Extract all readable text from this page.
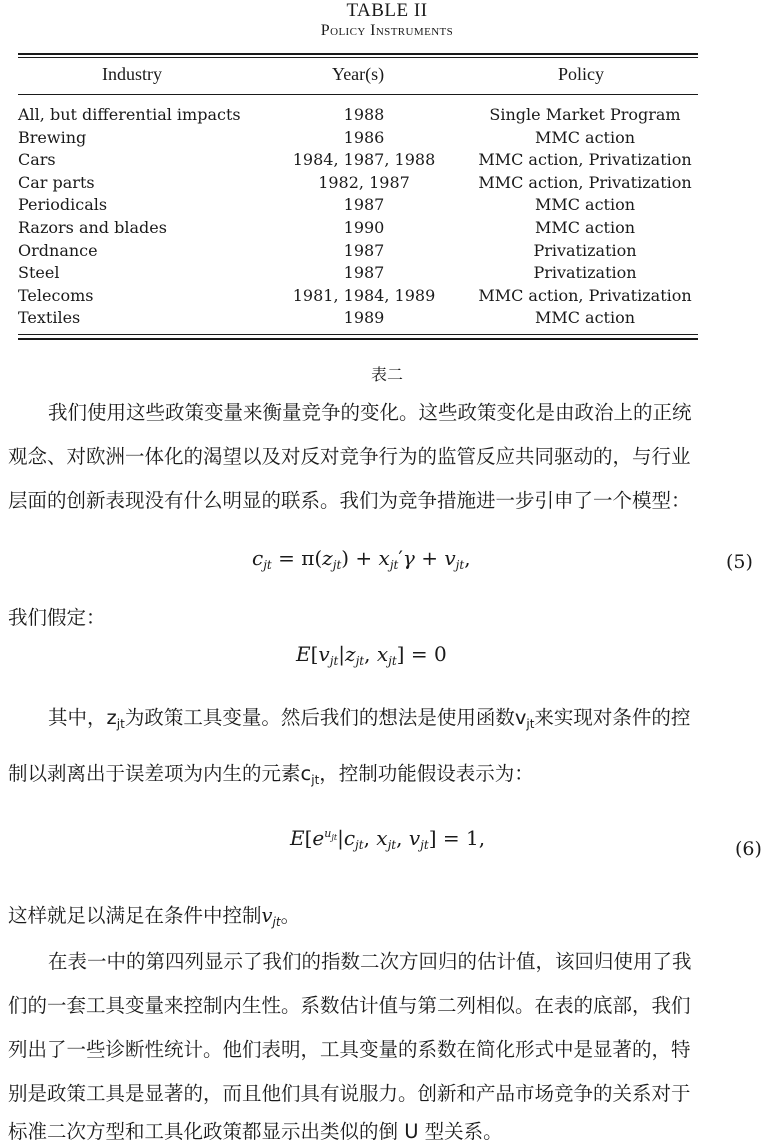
TABLE II
Policy Instruments
Industry	Year(s)	Policy
All, but differential impacts	1988	Single Market Program
Brewing	1986	MMC action
Cars	1984, 1987, 1988	MMC action, Privatization
Car parts	1982, 1987	MMC action, Privatization
Periodicals	1987	MMC action
Razors and blades	1990	MMC action
Ordnance	1987	Privatization
Steel	1987	Privatization
Telecoms	1981, 1984, 1989	MMC action, Privatization
Textiles	1989	MMC action
表二
我们使用这些政策变量来衡量竞争的变化。这些政策变化是由政治上的正统
观念、对欧洲一体化的渴望以及对反对竞争行为的监管反应共同驱动的，与行业
层面的创新表现没有什么明显的联系。我们为竞争措施进一步引申了一个模型：
$c_{jt} = \pi(z_{jt}) + x_{jt}'\gamma + v_{jt}$,	(5)
我们假定：
$E[v_{jt}|z_{jt}$, $x_{jt}] = 0$
其中，$z_{jt}$为政策工具变量。然后我们的想法是使用函数$v_{jt}$来实现对条件的控
制以剥离出于误差项为内生的元素$c_{jt}$，控制功能假设表示为：
$E[e^{u_{jt}}|c_{jt}$, $x_{jt}$, $v_{jt}] = 1$,	(6)
这样就足以满足在条件中控制$v_{jt}$。
在表一中的第四列显示了我们的指数二次方回归的估计值，该回归使用了我
们的一套工具变量来控制内生性。系数估计值与第二列相似。在表的底部，我们
列出了一些诊断性统计。他们表明，工具变量的系数在简化形式中是显著的，特
别是政策工具是显著的，而且他们具有说服力。创新和产品市场竞争的关系对于
标准二次方型和工具化政策都显示出类似的倒 U 型关系。
